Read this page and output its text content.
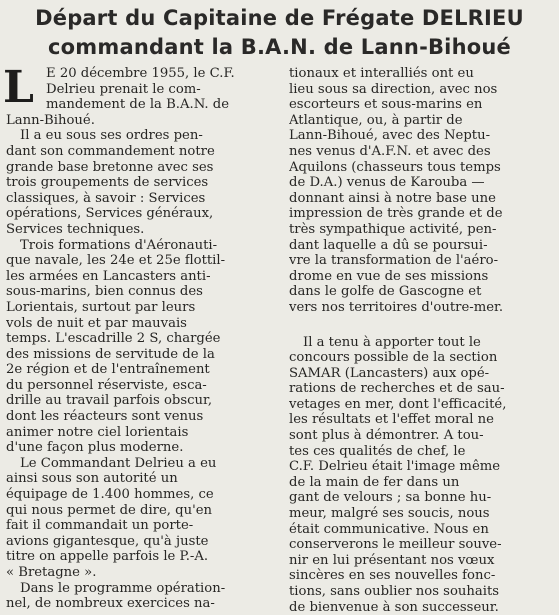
Départ du Capitaine de Frégate DELRIEU
commandant la B.A.N. de Lann-Bihoué
L E 20 décembre 1955, le C.F.
Delrieu prenait le com-
mandement de la B.A.N. de
Lann-Bihoué.
Il a eu sous ses ordres pen-
dant son commandement notre
grande base bretonne avec ses
trois groupements de services
classiques, à savoir : Services
opérations, Services généraux,
Services techniques.
Trois formations d'Aéronauti-
que navale, les 24e et 25e flottil-
les armées en Lancasters anti-
sous-marins, bien connus des
Lorientais, surtout par leurs
vols de nuit et par mauvais
temps. L'escadrille 2 S, chargée
des missions de servitude de la
2e région et de l'entraînement
du personnel réserviste, esca-
drille au travail parfois obscur,
dont les réacteurs sont venus
animer notre ciel lorientais
d'une façon plus moderne.
Le Commandant Delrieu a eu
ainsi sous son autorité un
équipage de 1.400 hommes, ce
qui nous permet de dire, qu'en
fait il commandait un porte-
avions gigantesque, qu'à juste
titre on appelle parfois le P.-A.
« Bretagne ».
Dans le programme opération-
nel, de nombreux exercices na-
tionaux et interalliés ont eu
lieu sous sa direction, avec nos
escorteurs et sous-marins en
Atlantique, ou, à partir de
Lann-Bihoué, avec des Neptu-
nes venus d'A.F.N. et avec des
Aquilons (chasseurs tous temps
de D.A.) venus de Karouba —
donnant ainsi à notre base une
impression de très grande et de
très sympathique activité, pen-
dant laquelle a dû se poursui-
vre la transformation de l'aéro-
drome en vue de ses missions
dans le golfe de Gascogne et
vers nos territoires d'outre-mer.
Il a tenu à apporter tout le
concours possible de la section
SAMAR (Lancasters) aux opé-
rations de recherches et de sau-
vetages en mer, dont l'efficacité,
les résultats et l'effet moral ne
sont plus à démontrer. A tou-
tes ces qualités de chef, le
C.F. Delrieu était l'image même
de la main de fer dans un
gant de velours ; sa bonne hu-
meur, malgré ses soucis, nous
était communicative. Nous en
conserverons le meilleur souve-
nir en lui présentant nos vœux
sincères en ses nouvelles fonc-
tions, sans oublier nos souhaits
de bienvenue à son successeur.
